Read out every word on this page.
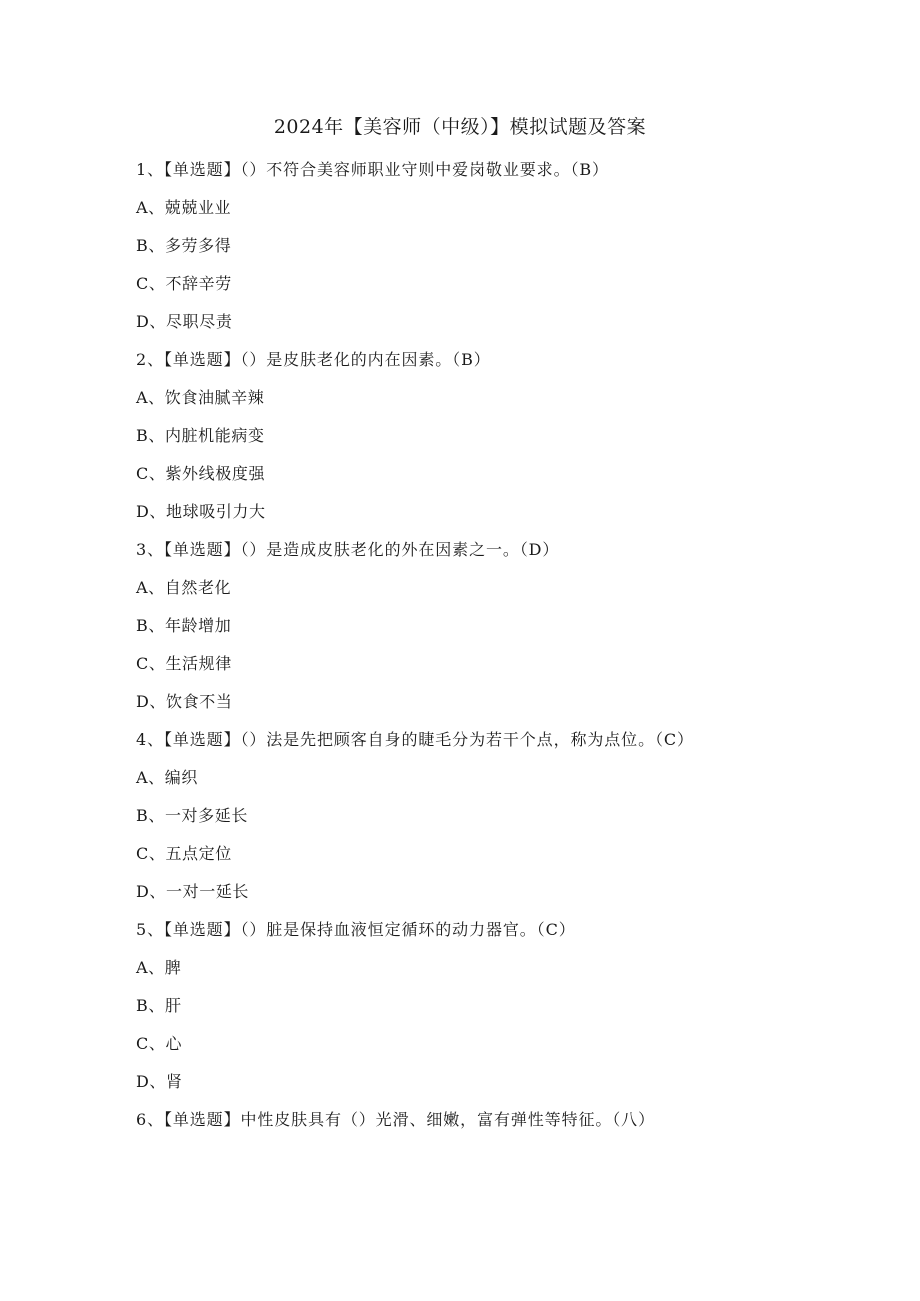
2024年【美容师（中级）】模拟试题及答案
1、【单选题】（）不符合美容师职业守则中爱岗敬业要求。（B）
A、兢兢业业
B、多劳多得
C、不辞辛劳
D、尽职尽责
2、【单选题】（）是皮肤老化的内在因素。（B）
A、饮食油腻辛辣
B、内脏机能病变
C、紫外线极度强
D、地球吸引力大
3、【单选题】（）是造成皮肤老化的外在因素之一。（D）
A、自然老化
B、年龄增加
C、生活规律
D、饮食不当
4、【单选题】（）法是先把顾客自身的睫毛分为若干个点，称为点位。（C）
A、编织
B、一对多延长
C、五点定位
D、一对一延长
5、【单选题】（）脏是保持血液恒定循环的动力器官。（C）
A、脾
B、肝
C、心
D、肾
6、【单选题】中性皮肤具有（）光滑、细嫩，富有弹性等特征。（八）
